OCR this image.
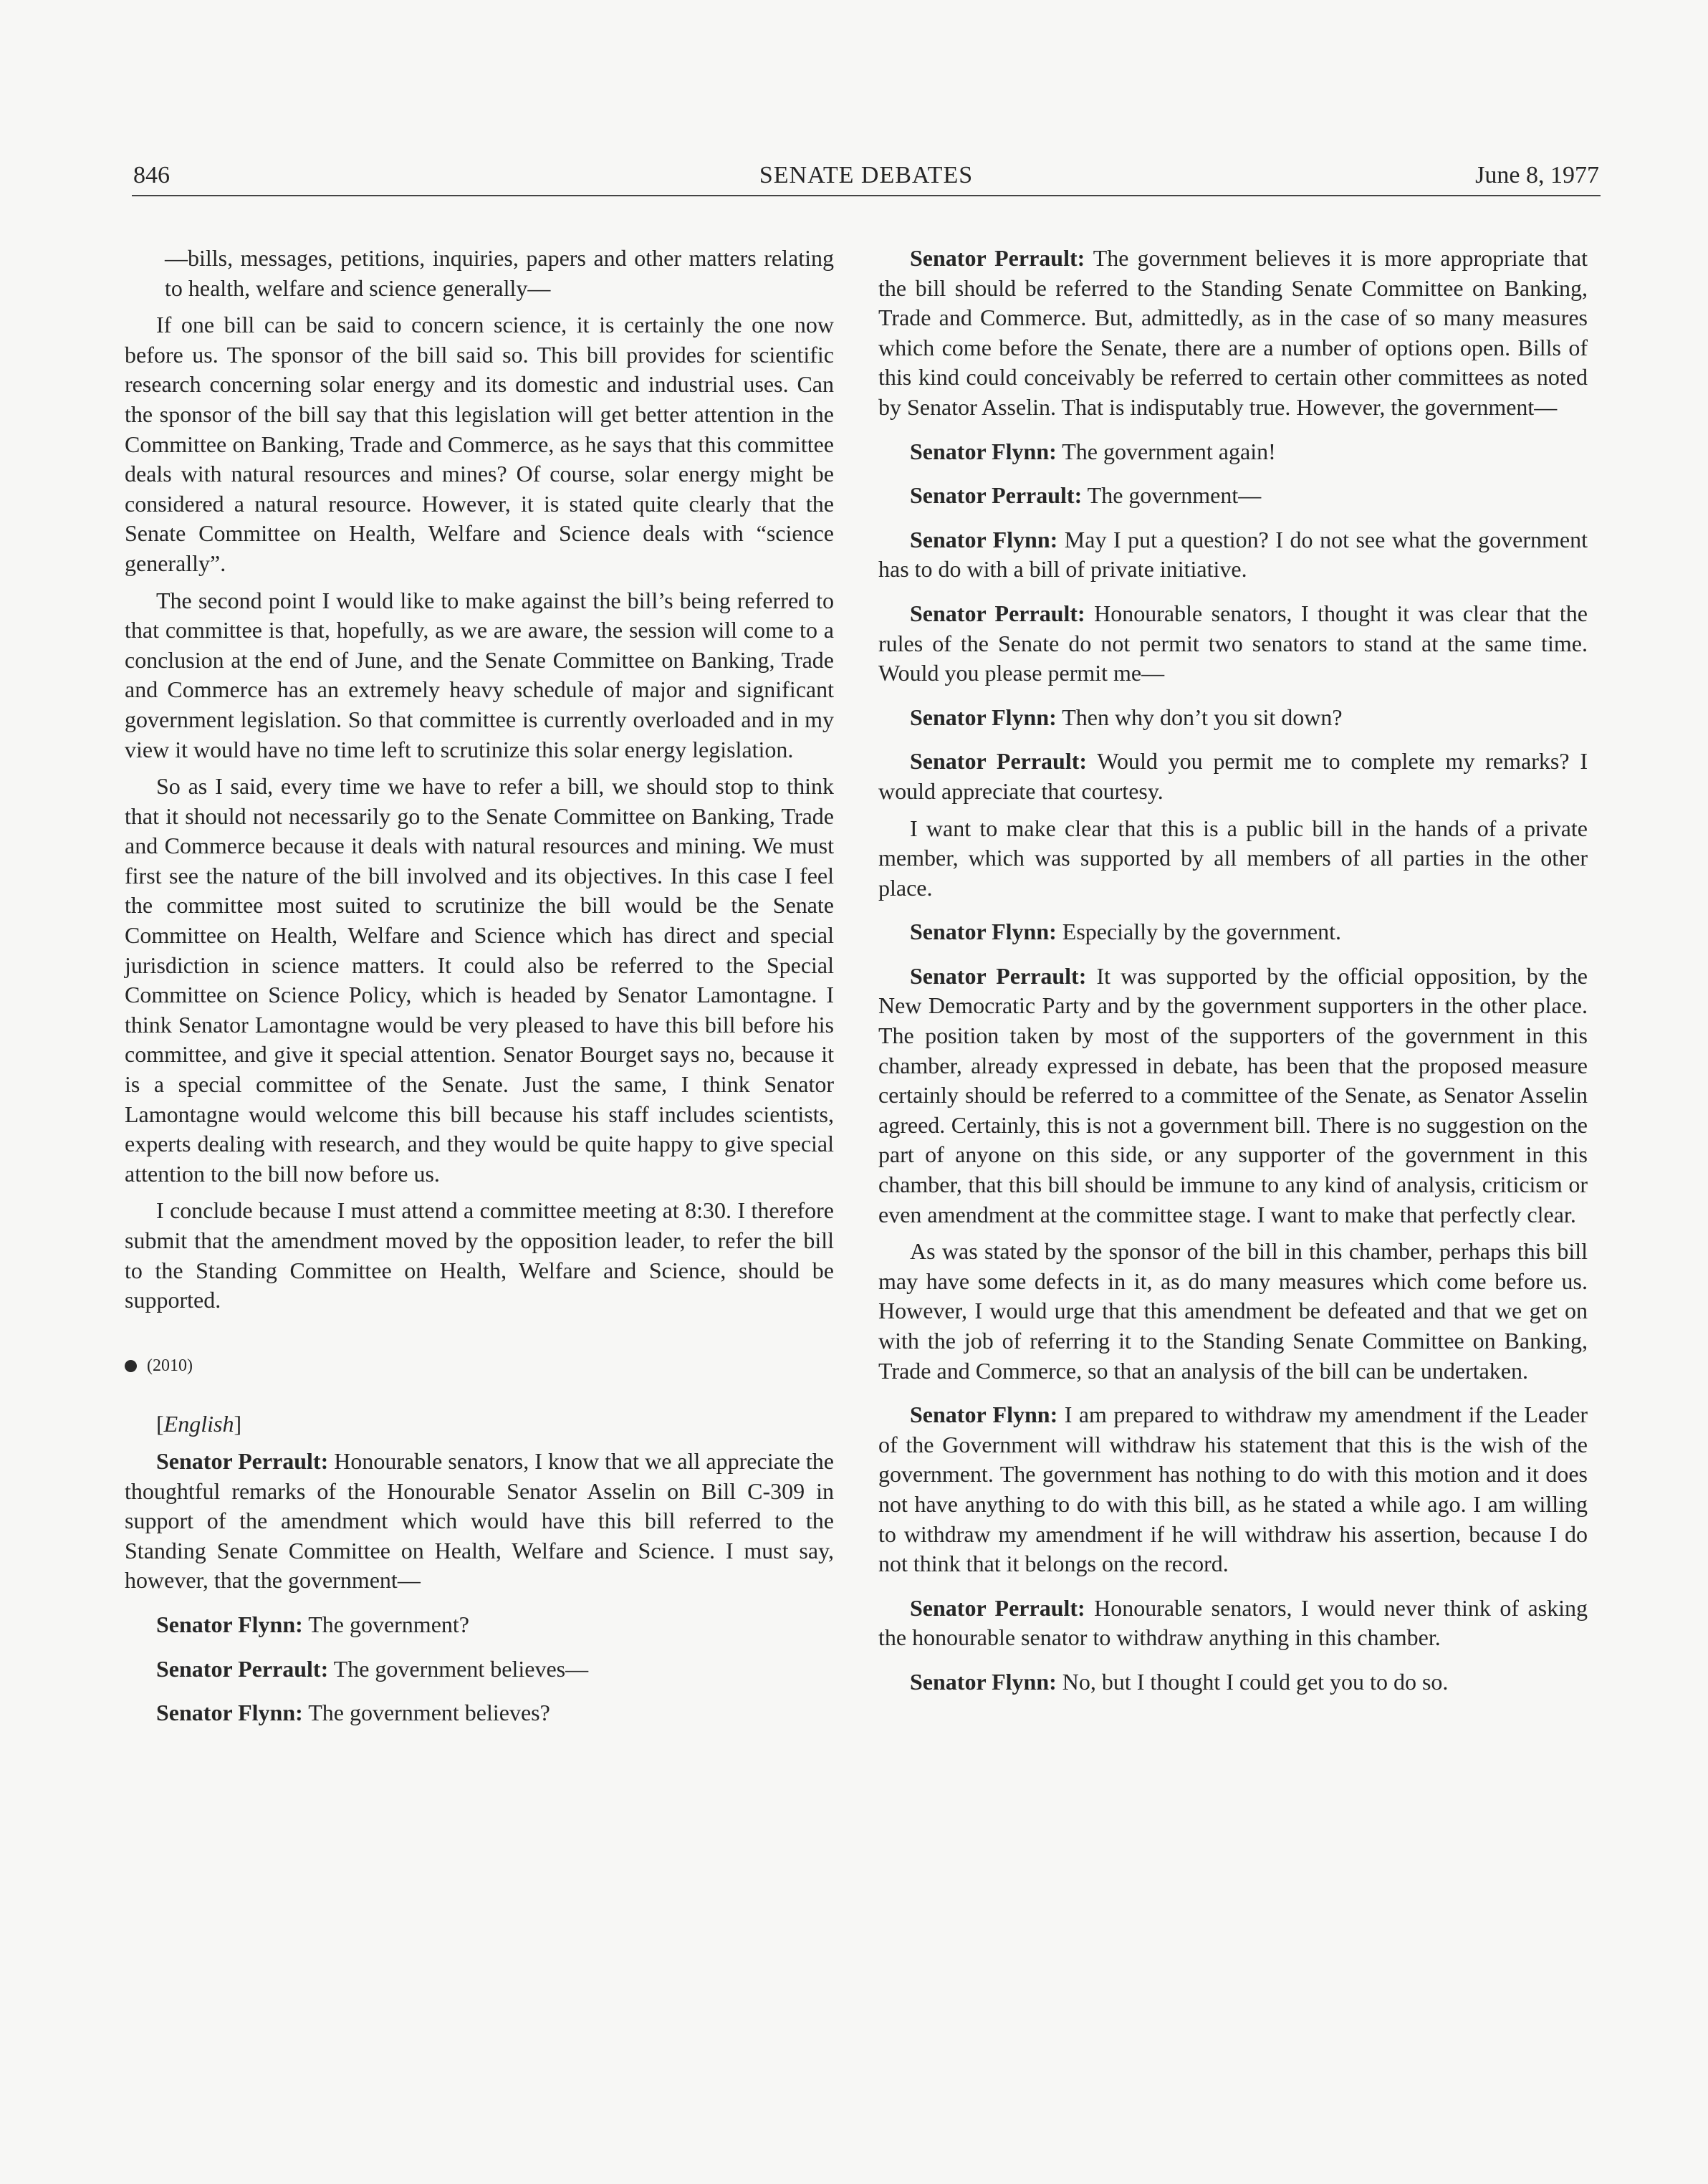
846	SENATE DEBATES	June 8, 1977

—bills, messages, petitions, inquiries, papers and other matters relating to health, welfare and science generally—

If one bill can be said to concern science, it is certainly the one now before us. The sponsor of the bill said so. This bill provides for scientific research concerning solar energy and its domestic and industrial uses. Can the sponsor of the bill say that this legislation will get better attention in the Committee on Banking, Trade and Commerce, as he says that this committee deals with natural resources and mines? Of course, solar energy might be considered a natural resource. However, it is stated quite clearly that the Senate Committee on Health, Welfare and Science deals with “science generally”.

The second point I would like to make against the bill’s being referred to that committee is that, hopefully, as we are aware, the session will come to a conclusion at the end of June, and the Senate Committee on Banking, Trade and Commerce has an extremely heavy schedule of major and significant government legislation. So that committee is currently overloaded and in my view it would have no time left to scrutinize this solar energy legislation.

So as I said, every time we have to refer a bill, we should stop to think that it should not necessarily go to the Senate Committee on Banking, Trade and Commerce because it deals with natural resources and mining. We must first see the nature of the bill involved and its objectives. In this case I feel the committee most suited to scrutinize the bill would be the Senate Committee on Health, Welfare and Science which has direct and special jurisdiction in science matters. It could also be referred to the Special Committee on Science Policy, which is headed by Senator Lamontagne. I think Senator Lamontagne would be very pleased to have this bill before his committee, and give it special attention. Senator Bourget says no, because it is a special committee of the Senate. Just the same, I think Senator Lamontagne would welcome this bill because his staff includes scientists, experts dealing with research, and they would be quite happy to give special attention to the bill now before us.

I conclude because I must attend a committee meeting at 8:30. I therefore submit that the amendment moved by the opposition leader, to refer the bill to the Standing Committee on Health, Welfare and Science, should be supported.

(2010)

[English]

Senator Perrault: Honourable senators, I know that we all appreciate the thoughtful remarks of the Honourable Senator Asselin on Bill C-309 in support of the amendment which would have this bill referred to the Standing Senate Committee on Health, Welfare and Science. I must say, however, that the government—

Senator Flynn: The government?

Senator Perrault: The government believes—

Senator Flynn: The government believes?

Senator Perrault: The government believes it is more appropriate that the bill should be referred to the Standing Senate Committee on Banking, Trade and Commerce. But, admittedly, as in the case of so many measures which come before the Senate, there are a number of options open. Bills of this kind could conceivably be referred to certain other committees as noted by Senator Asselin. That is indisputably true. However, the government—

Senator Flynn: The government again!

Senator Perrault: The government—

Senator Flynn: May I put a question? I do not see what the government has to do with a bill of private initiative.

Senator Perrault: Honourable senators, I thought it was clear that the rules of the Senate do not permit two senators to stand at the same time. Would you please permit me—

Senator Flynn: Then why don’t you sit down?

Senator Perrault: Would you permit me to complete my remarks? I would appreciate that courtesy.

I want to make clear that this is a public bill in the hands of a private member, which was supported by all members of all parties in the other place.

Senator Flynn: Especially by the government.

Senator Perrault: It was supported by the official opposition, by the New Democratic Party and by the government supporters in the other place. The position taken by most of the supporters of the government in this chamber, already expressed in debate, has been that the proposed measure certainly should be referred to a committee of the Senate, as Senator Asselin agreed. Certainly, this is not a government bill. There is no suggestion on the part of anyone on this side, or any supporter of the government in this chamber, that this bill should be immune to any kind of analysis, criticism or even amendment at the committee stage. I want to make that perfectly clear.

As was stated by the sponsor of the bill in this chamber, perhaps this bill may have some defects in it, as do many measures which come before us. However, I would urge that this amendment be defeated and that we get on with the job of referring it to the Standing Senate Committee on Banking, Trade and Commerce, so that an analysis of the bill can be undertaken.

Senator Flynn: I am prepared to withdraw my amendment if the Leader of the Government will withdraw his statement that this is the wish of the government. The government has nothing to do with this motion and it does not have anything to do with this bill, as he stated a while ago. I am willing to withdraw my amendment if he will withdraw his assertion, because I do not think that it belongs on the record.

Senator Perrault: Honourable senators, I would never think of asking the honourable senator to withdraw anything in this chamber.

Senator Flynn: No, but I thought I could get you to do so.
